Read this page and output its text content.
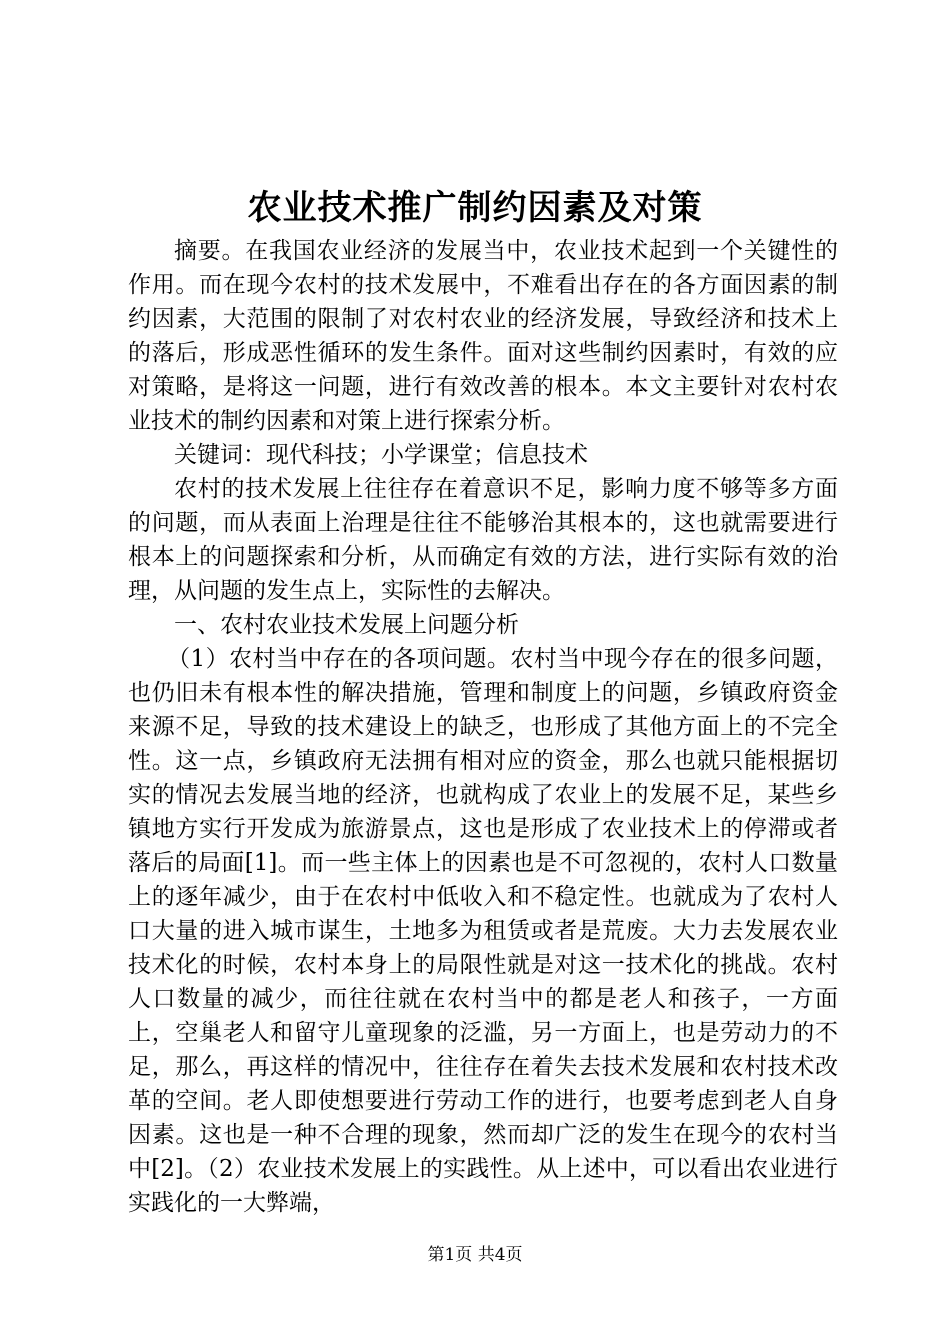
农业技术推广制约因素及对策

摘要。在我国农业经济的发展当中，农业技术起到一个关键性的作用。而在现今农村的技术发展中，不难看出存在的各方面因素的制约因素，大范围的限制了对农村农业的经济发展，导致经济和技术上的落后，形成恶性循环的发生条件。面对这些制约因素时，有效的应对策略，是将这一问题，进行有效改善的根本。本文主要针对农村农业技术的制约因素和对策上进行探索分析。

关键词：现代科技；小学课堂；信息技术

农村的技术发展上往往存在着意识不足，影响力度不够等多方面的问题，而从表面上治理是往往不能够治其根本的，这也就需要进行根本上的问题探索和分析，从而确定有效的方法，进行实际有效的治理，从问题的发生点上，实际性的去解决。

一、农村农业技术发展上问题分析

（1）农村当中存在的各项问题。农村当中现今存在的很多问题，也仍旧未有根本性的解决措施，管理和制度上的问题，乡镇政府资金来源不足，导致的技术建设上的缺乏，也形成了其他方面上的不完全性。这一点，乡镇政府无法拥有相对应的资金，那么也就只能根据切实的情况去发展当地的经济，也就构成了农业上的发展不足，某些乡镇地方实行开发成为旅游景点，这也是形成了农业技术上的停滞或者落后的局面[1]。而一些主体上的因素也是不可忽视的，农村人口数量上的逐年减少，由于在农村中低收入和不稳定性。也就成为了农村人口大量的进入城市谋生，土地多为租赁或者是荒废。大力去发展农业技术化的时候，农村本身上的局限性就是对这一技术化的挑战。农村人口数量的减少，而往往就在农村当中的都是老人和孩子，一方面上，空巢老人和留守儿童现象的泛滥，另一方面上，也是劳动力的不足，那么，再这样的情况中，往往存在着失去技术发展和农村技术改革的空间。老人即使想要进行劳动工作的进行，也要考虑到老人自身因素。这也是一种不合理的现象，然而却广泛的发生在现今的农村当中[2]。（2）农业技术发展上的实践性。从上述中，可以看出农业进行实践化的一大弊端，

第1页 共4页
